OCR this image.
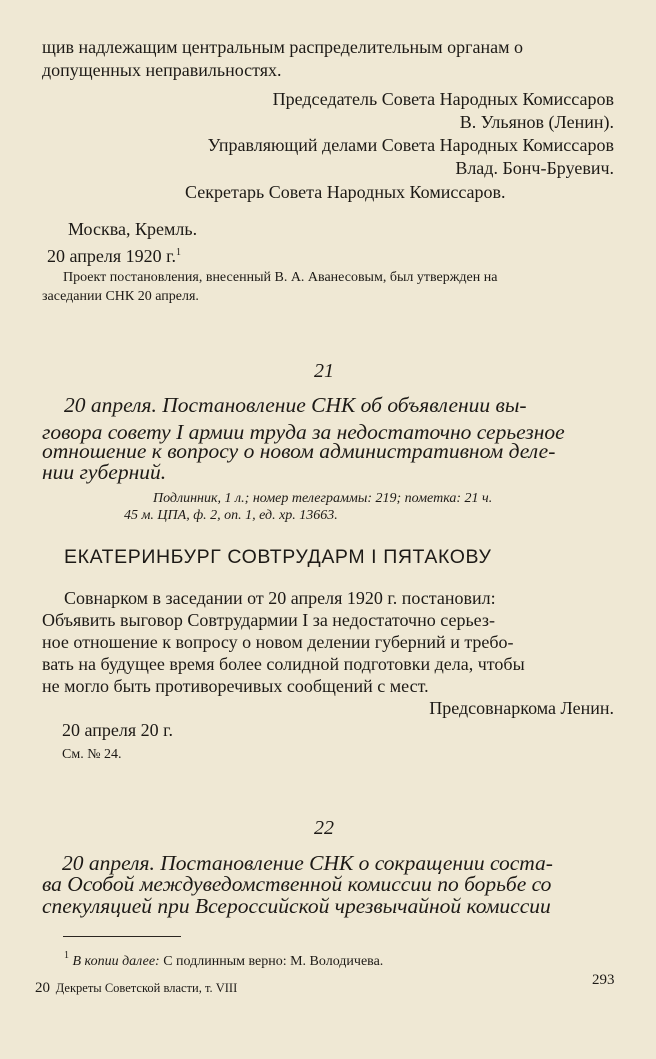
щив надлежащим центральным распределительным органам о
допущенных неправильностях.
Председатель Совета Народных Комиссаров
В. Ульянов (Ленин).
Управляющий делами Совета Народных Комиссаров
Влад. Бонч-Бруевич.
Секретарь Совета Народных Комиссаров.
Москва, Кремль.
20 апреля 1920 г.$^1$
Проект постановления, внесенный В. А. Аванесовым, был утвержден на
заседании СНК 20 апреля.
21
20 апреля. Постановление СНК об объявлении вы-
говора совету I армии труда за недостаточно серьезное
отношение к вопросу о новом административном деле-
нии губерний.
Подлинник, 1 л.; номер телеграммы: 219; пометка: 21 ч.
45 м. ЦПА, ф. 2, оп. 1, ед. хр. 13663.
ЕКАТЕРИНБУРГ СОВТРУДАРМ I ПЯТАКОВУ
Совнарком в заседании от 20 апреля 1920 г. постановил:
Объявить выговор Совтрудармии I за недостаточно серьез-
ное отношение к вопросу о новом делении губерний и требо-
вать на будущее время более солидной подготовки дела, чтобы
не могло быть противоречивых сообщений с мест.
Предсовнаркома Ленин.
20 апреля 20 г.
См. № 24.
22
20 апреля. Постановление СНК о сокращении соста-
ва Особой междуведомственной комиссии по борьбе со
спекуляцией при Всероссийской чрезвычайной комиссии
$^1$ В копии далее: С подлинным верно: М. Володичева.
20 Декреты Советской власти, т. VIII	293
